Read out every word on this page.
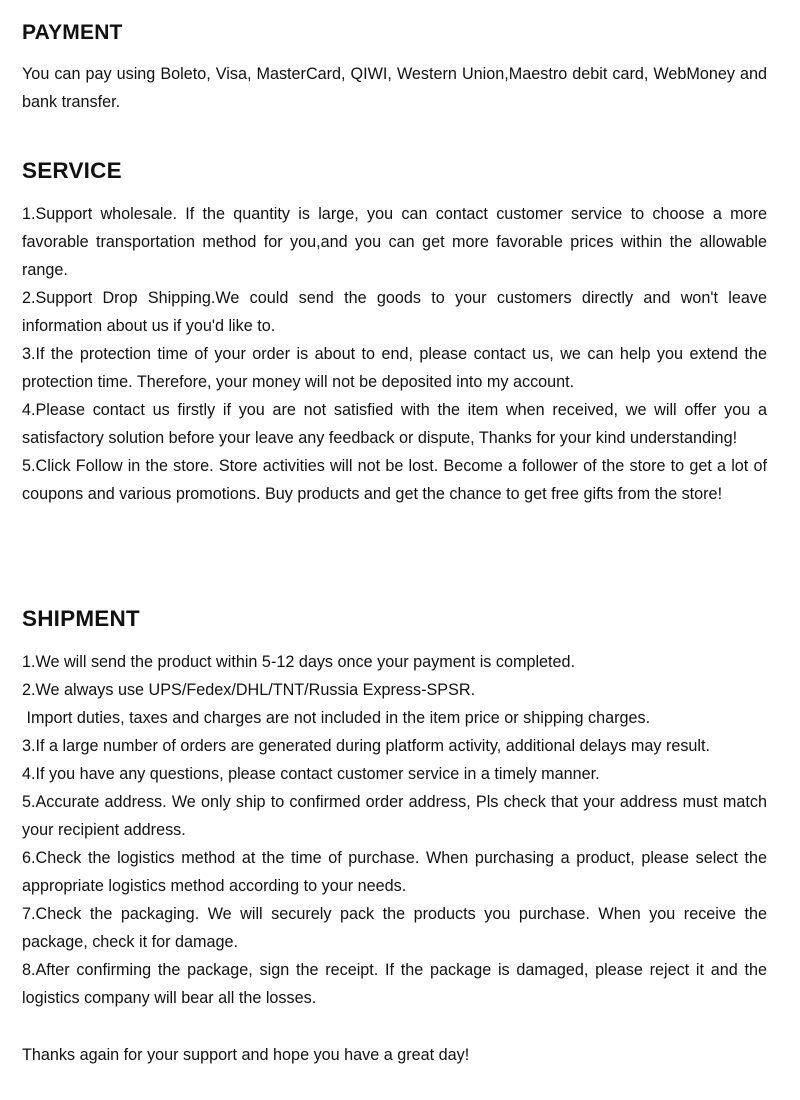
PAYMENT

You can pay using Boleto, Visa, MasterCard, QIWI, Western Union,Maestro debit card, WebMoney and bank transfer.

SERVICE

1.Support wholesale. If the quantity is large, you can contact customer service to choose a more favorable transportation method for you,and you can get more favorable prices within the allowable range.

2.Support Drop Shipping.We could send the goods to your customers directly and won't leave information about us if you'd like to.

3.If the protection time of your order is about to end, please contact us, we can help you extend the protection time. Therefore, your money will not be deposited into my account.

4.Please contact us firstly if you are not satisfied with the item when received, we will offer you a satisfactory solution before your leave any feedback or dispute, Thanks for your kind understanding!

5.Click Follow in the store. Store activities will not be lost. Become a follower of the store to get a lot of coupons and various promotions. Buy products and get the chance to get free gifts from the store!

SHIPMENT

1.We will send the product within 5-12 days once your payment is completed.

2.We always use UPS/Fedex/DHL/TNT/Russia Express-SPSR.

Import duties, taxes and charges are not included in the item price or shipping charges.

3.If a large number of orders are generated during platform activity, additional delays may result.

4.If you have any questions, please contact customer service in a timely manner.

5.Accurate address. We only ship to confirmed order address, Pls check that your address must match your recipient address.

6.Check the logistics method at the time of purchase. When purchasing a product, please select the appropriate logistics method according to your needs.

7.Check the packaging. We will securely pack the products you purchase. When you receive the package, check it for damage.

8.After confirming the package, sign the receipt. If the package is damaged, please reject it and the logistics company will bear all the losses.

Thanks again for your support and hope you have a great day!
